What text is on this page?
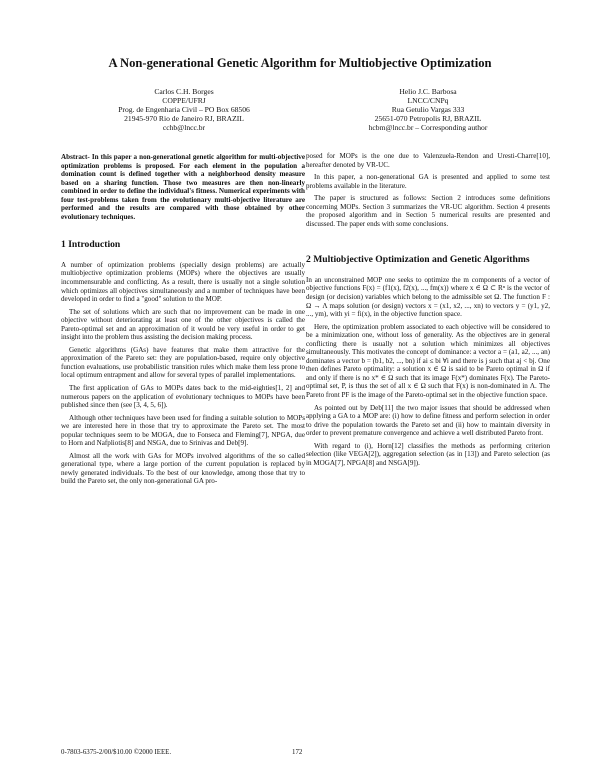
A Non-generational Genetic Algorithm for Multiobjective Optimization
Carlos C.H. Borges
COPPE/UFRJ
Prog. de Engenharia Civil – PO Box 68506
21945-970 Rio de Janeiro RJ, BRAZIL
cchb@lncc.br
Helio J.C. Barbosa
LNCC/CNPq
Rua Getulio Vargas 333
25651-070 Petropolis RJ, BRAZIL
hcbm@lncc.br – Corresponding author

Abstract- In this paper a non-generational genetic algorithm for multi-objective optimization problems is proposed. For each element in the population a domination count is defined together with a neighborhood density measure based on a sharing function. Those two measures are then non-linearly combined in order to define the individual's fitness. Numerical experiments with four test-problems taken from the evolutionary multi-objective literature are performed and the results are compared with those obtained by other evolutionary techniques.

1 Introduction

A number of optimization problems (specially design problems) are actually multiobjective optimization problems (MOPs) where the objectives are usually incommensurable and conflicting. As a result, there is usually not a single solution which optimizes all objectives simultaneously and a number of techniques have been developed in order to find a "good" solution to the MOP.

The set of solutions which are such that no improvement can be made in one objective without deteriorating at least one of the other objectives is called the Pareto-optimal set and an approximation of it would be very useful in order to get insight into the problem thus assisting the decision making process.

Genetic algorithms (GAs) have features that make them attractive for the approximation of the Pareto set: they are population-based, require only objective function evaluations, use probabilistic transition rules which make them less prone to local optimum entrapment and allow for several types of parallel implementations.

The first application of GAs to MOPs dates back to the mid-eighties[1, 2] and numerous papers on the application of evolutionary techniques to MOPs have been published since then (see [3, 4, 5, 6]).

Although other techniques have been used for finding a suitable solution to MOPs we are interested here in those that try to approximate the Pareto set. The most popular techniques seem to be MOGA, due to Fonseca and Fleming[7], NPGA, due to Horn and Nafpliotis[8] and NSGA, due to Srinivas and Deb[9].

Almost all the work with GAs for MOPs involved algorithms of the so called generational type, where a large portion of the current population is replaced by newly generated individuals. To the best of our knowledge, among those that try to build the Pareto set, the only non-generational GA pro-

posed for MOPs is the one due to Valenzuela-Rendon and Uresti-Charre[10], hereafter denoted by VR-UC.

In this paper, a non-generational GA is presented and applied to some test problems available in the literature.

The paper is structured as follows: Section 2 introduces some definitions concerning MOPs. Section 3 summarizes the VR-UC algorithm. Section 4 presents the proposed algorithm and in Section 5 numerical results are presented and discussed. The paper ends with some conclusions.

2 Multiobjective Optimization and Genetic Algorithms

In an unconstrained MOP one seeks to optimize the m components of a vector of objective functions F(x) = (f1(x), f2(x), ..., fm(x)) where x ∈ Ω ⊂ Rⁿ is the vector of design (or decision) variables which belong to the admissible set Ω. The function F : Ω → Λ maps solution (or design) vectors x = (x1, x2, ..., xn) to vectors y = (y1, y2, ..., ym), with yi = fi(x), in the objective function space.

Here, the optimization problem associated to each objective will be considered to be a minimization one, without loss of generality. As the objectives are in general conflicting there is usually not a solution which minimizes all objectives simultaneously. This motivates the concept of dominance: a vector a = (a1, a2, ..., an) dominates a vector b = (b1, b2, ..., bn) if ai ≤ bi ∀i and there is j such that aj < bj. One then defines Pareto optimality: a solution x ∈ Ω is said to be Pareto optimal in Ω if and only if there is no x* ∈ Ω such that its image F(x*) dominates F(x). The Pareto-optimal set, P, is thus the set of all x ∈ Ω such that F(x) is non-dominated in Λ. The Pareto front PF is the image of the Pareto-optimal set in the objective function space.

As pointed out by Deb[11] the two major issues that should be addressed when applying a GA to a MOP are: (i) how to define fitness and perform selection in order to drive the population towards the Pareto set and (ii) how to maintain diversity in order to prevent premature convergence and achieve a well distributed Pareto front.

With regard to (i), Horn[12] classifies the methods as performing criterion selection (like VEGA[2]), aggregation selection (as in [13]) and Pareto selection (as in MOGA[7], NPGA[8] and NSGA[9]).

0-7803-6375-2/00/$10.00 ©2000 IEEE.	172
